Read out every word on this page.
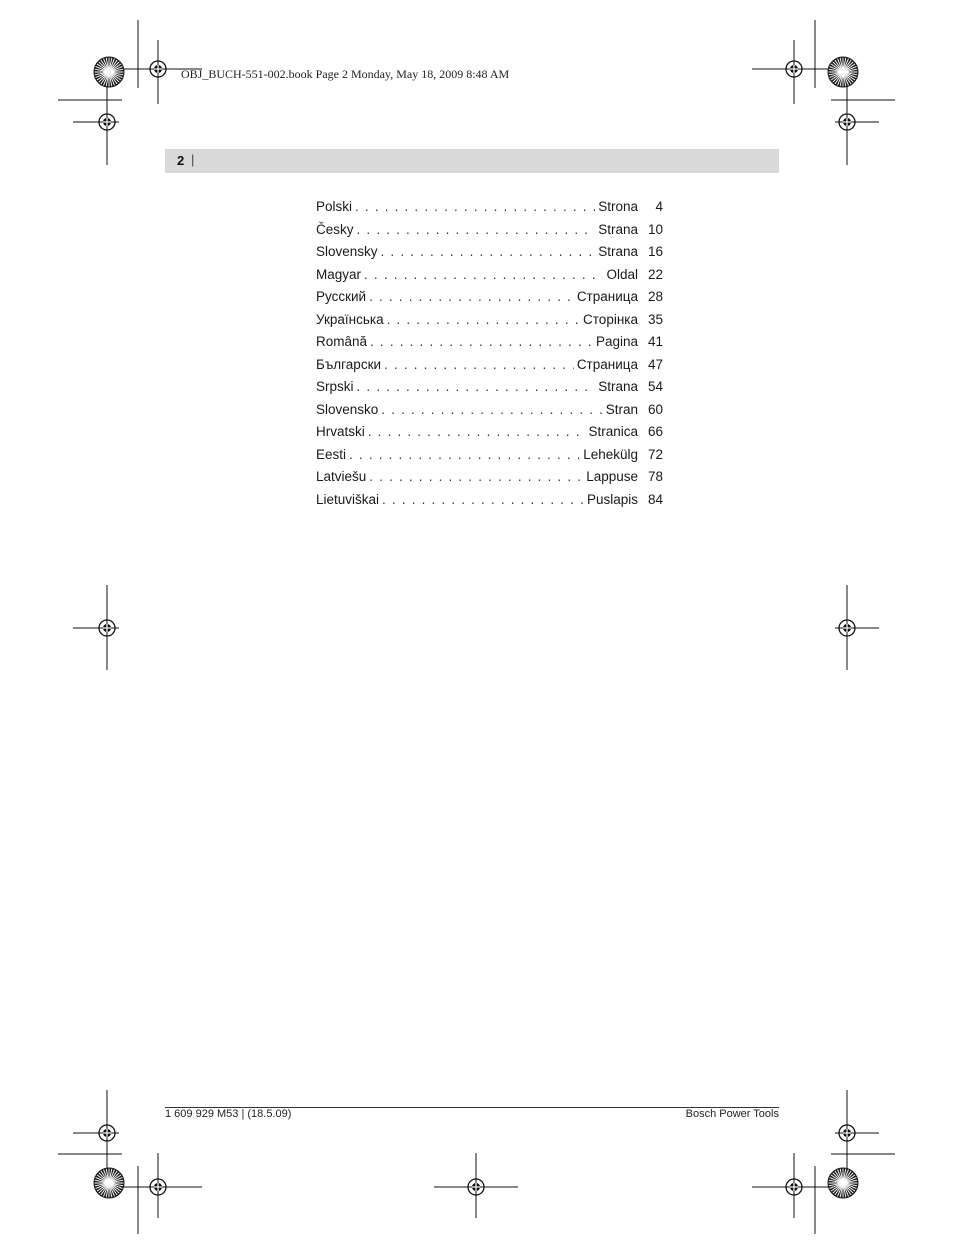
OBJ_BUCH-551-002.book Page 2 Monday, May 18, 2009 8:48 AM
2 |
Polski . . .	Strona	4
Česky . . .	Strana 10
Slovensky . . .	Strana 16
Magyar . . .	Oldal 22
Русский . . .	Страница 28
Українська . . .	Сторінка 35
Română . . .	Pagina 41
Български . . .	Страница 47
Srpski . . .	Strana 54
Slovensko . . .	Stran 60
Hrvatski . . .	Stranica 66
Eesti . . .	Lehekülg 72
Latviešu . . .	Lappuse 78
Lietuviškai . . .	Puslapis 84
1 609 929 M53 | (18.5.09)	Bosch Power Tools
